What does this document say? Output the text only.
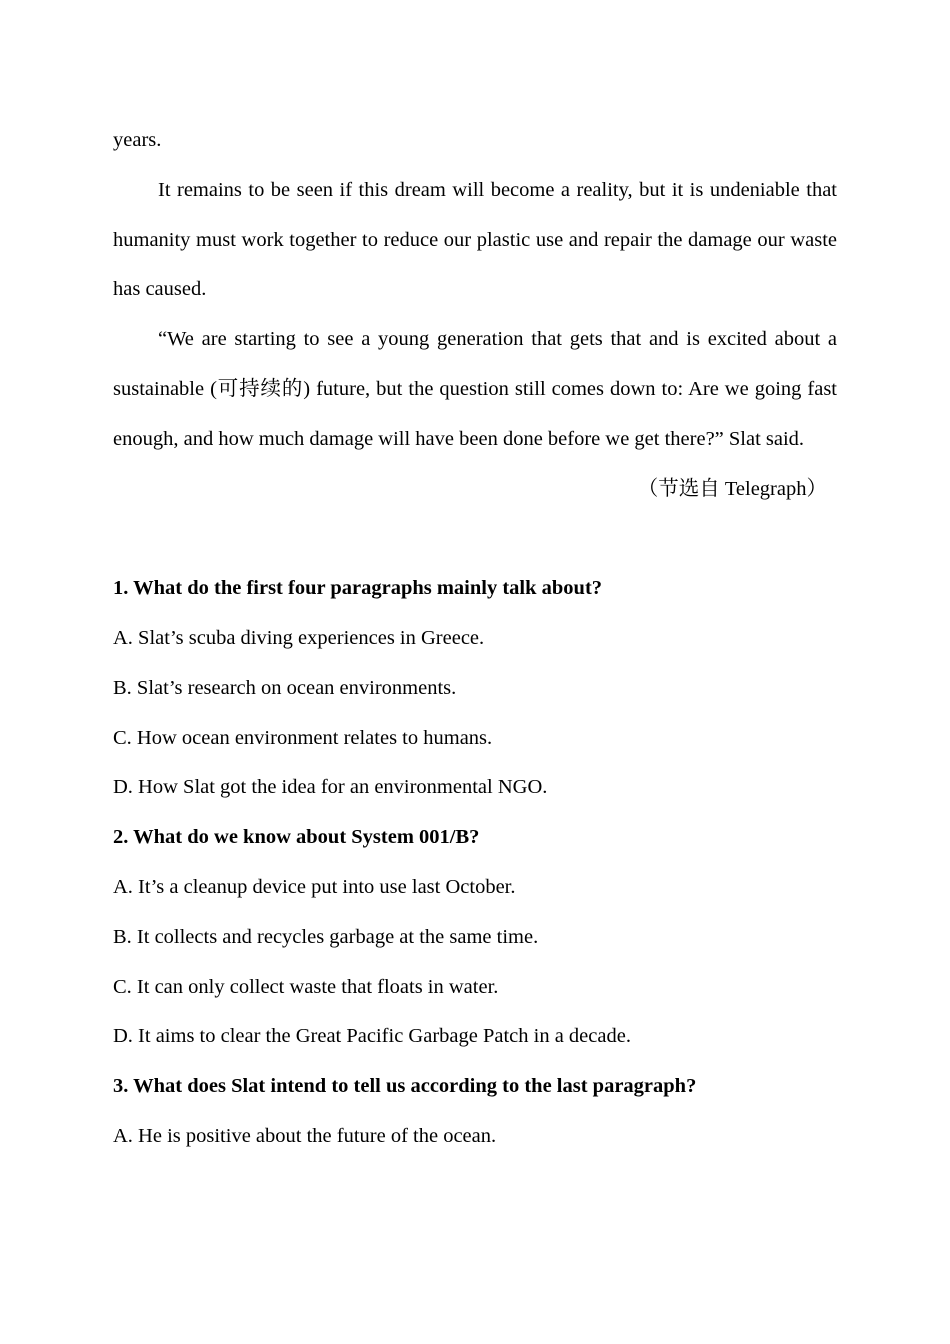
years.

It remains to be seen if this dream will become a reality, but it is undeniable that humanity must work together to reduce our plastic use and repair the damage our waste has caused.

“We are starting to see a young generation that gets that and is excited about a sustainable (可持续的) future, but the question still comes down to: Are we going fast enough, and how much damage will have been done before we get there?” Slat said.

（节选自 Telegraph）

1. What do the first four paragraphs mainly talk about?

A. Slat’s scuba diving experiences in Greece.

B. Slat’s research on ocean environments.

C. How ocean environment relates to humans.

D. How Slat got the idea for an environmental NGO.

2. What do we know about System 001/B?

A. It’s a cleanup device put into use last October.

B. It collects and recycles garbage at the same time.

C. It can only collect waste that floats in water.

D. It aims to clear the Great Pacific Garbage Patch in a decade.

3. What does Slat intend to tell us according to the last paragraph?

A. He is positive about the future of the ocean.
